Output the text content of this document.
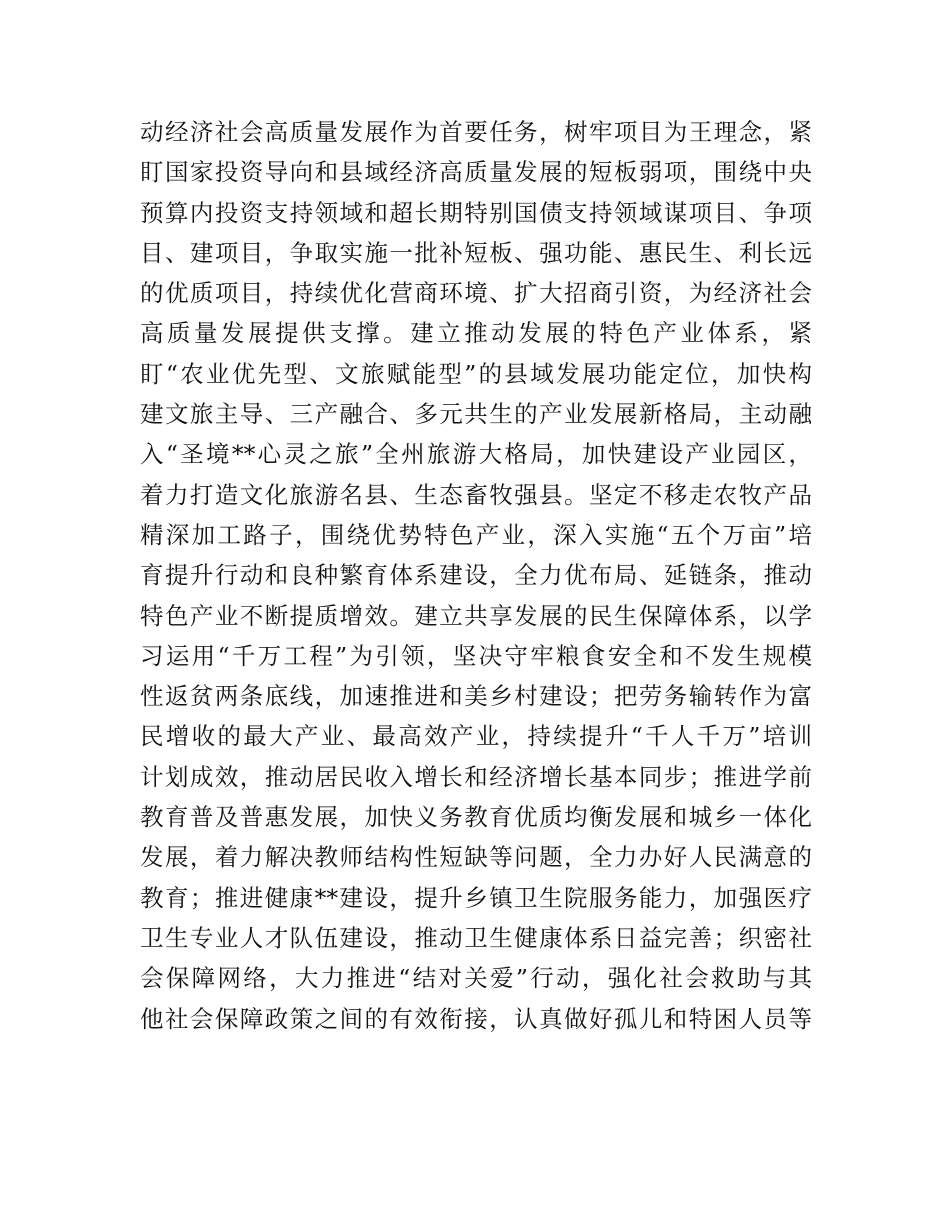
动经济社会高质量发展作为首要任务，树牢项目为王理念，紧
盯国家投资导向和县域经济高质量发展的短板弱项，围绕中央
预算内投资支持领域和超长期特别国债支持领域谋项目、争项
目、建项目，争取实施一批补短板、强功能、惠民生、利长远
的优质项目，持续优化营商环境、扩大招商引资，为经济社会
高质量发展提供支撑。建立推动发展的特色产业体系，紧
盯“农业优先型、文旅赋能型”的县域发展功能定位，加快构
建文旅主导、三产融合、多元共生的产业发展新格局，主动融
入“圣境**心灵之旅”全州旅游大格局，加快建设产业园区，
着力打造文化旅游名县、生态畜牧强县。坚定不移走农牧产品
精深加工路子，围绕优势特色产业，深入实施“五个万亩”培
育提升行动和良种繁育体系建设，全力优布局、延链条，推动
特色产业不断提质增效。建立共享发展的民生保障体系，以学
习运用“千万工程”为引领，坚决守牢粮食安全和不发生规模
性返贫两条底线，加速推进和美乡村建设；把劳务输转作为富
民增收的最大产业、最高效产业，持续提升“千人千万”培训
计划成效，推动居民收入增长和经济增长基本同步；推进学前
教育普及普惠发展，加快义务教育优质均衡发展和城乡一体化
发展，着力解决教师结构性短缺等问题，全力办好人民满意的
教育；推进健康**建设，提升乡镇卫生院服务能力，加强医疗
卫生专业人才队伍建设，推动卫生健康体系日益完善；织密社
会保障网络，大力推进“结对关爱”行动，强化社会救助与其
他社会保障政策之间的有效衔接，认真做好孤儿和特困人员等
